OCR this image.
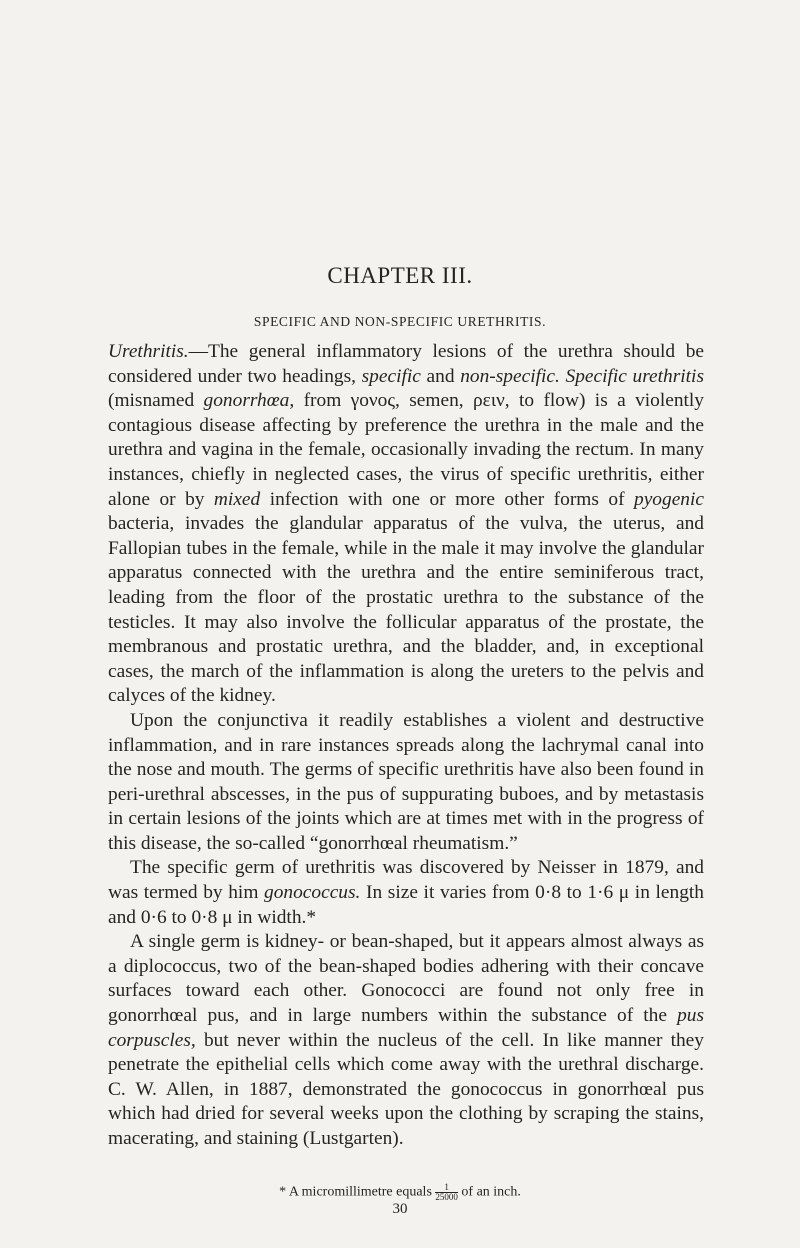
CHAPTER III.
SPECIFIC AND NON-SPECIFIC URETHRITIS.

Urethritis.—The general inflammatory lesions of the urethra should be considered under two headings, specific and non-specific. Specific urethritis (misnamed gonorrhœa, from γονος, semen, ρειν, to flow) is a violently contagious disease affecting by preference the urethra in the male and the urethra and vagina in the female, occasionally invading the rectum. In many instances, chiefly in neglected cases, the virus of specific urethritis, either alone or by mixed infection with one or more other forms of pyogenic bacteria, invades the glandular apparatus of the vulva, the uterus, and Fallopian tubes in the female, while in the male it may involve the glandular apparatus connected with the urethra and the entire seminiferous tract, leading from the floor of the prostatic urethra to the substance of the testicles. It may also involve the follicular apparatus of the prostate, the membranous and prostatic urethra, and the bladder, and, in exceptional cases, the march of the inflammation is along the ureters to the pelvis and calyces of the kidney.

Upon the conjunctiva it readily establishes a violent and destructive inflammation, and in rare instances spreads along the lachrymal canal into the nose and mouth. The germs of specific urethritis have also been found in peri-urethral abscesses, in the pus of suppurating buboes, and by metastasis in certain lesions of the joints which are at times met with in the progress of this disease, the so-called “gonorrhœal rheumatism.”

The specific germ of urethritis was discovered by Neisser in 1879, and was termed by him gonococcus. In size it varies from 0·8 to 1·6 μ in length and 0·6 to 0·8 μ in width.*

A single germ is kidney- or bean-shaped, but it appears almost always as a diplococcus, two of the bean-shaped bodies adhering with their concave surfaces toward each other. Gonococci are found not only free in gonorrhœal pus, and in large numbers within the substance of the pus corpuscles, but never within the nucleus of the cell. In like manner they penetrate the epithelial cells which come away with the urethral discharge. C. W. Allen, in 1887, demonstrated the gonococcus in gonorrhœal pus which had dried for several weeks upon the clothing by scraping the stains, macerating, and staining (Lustgarten).

* A micromillimetre equals $\frac{1}{25000}$ of an inch.
30
